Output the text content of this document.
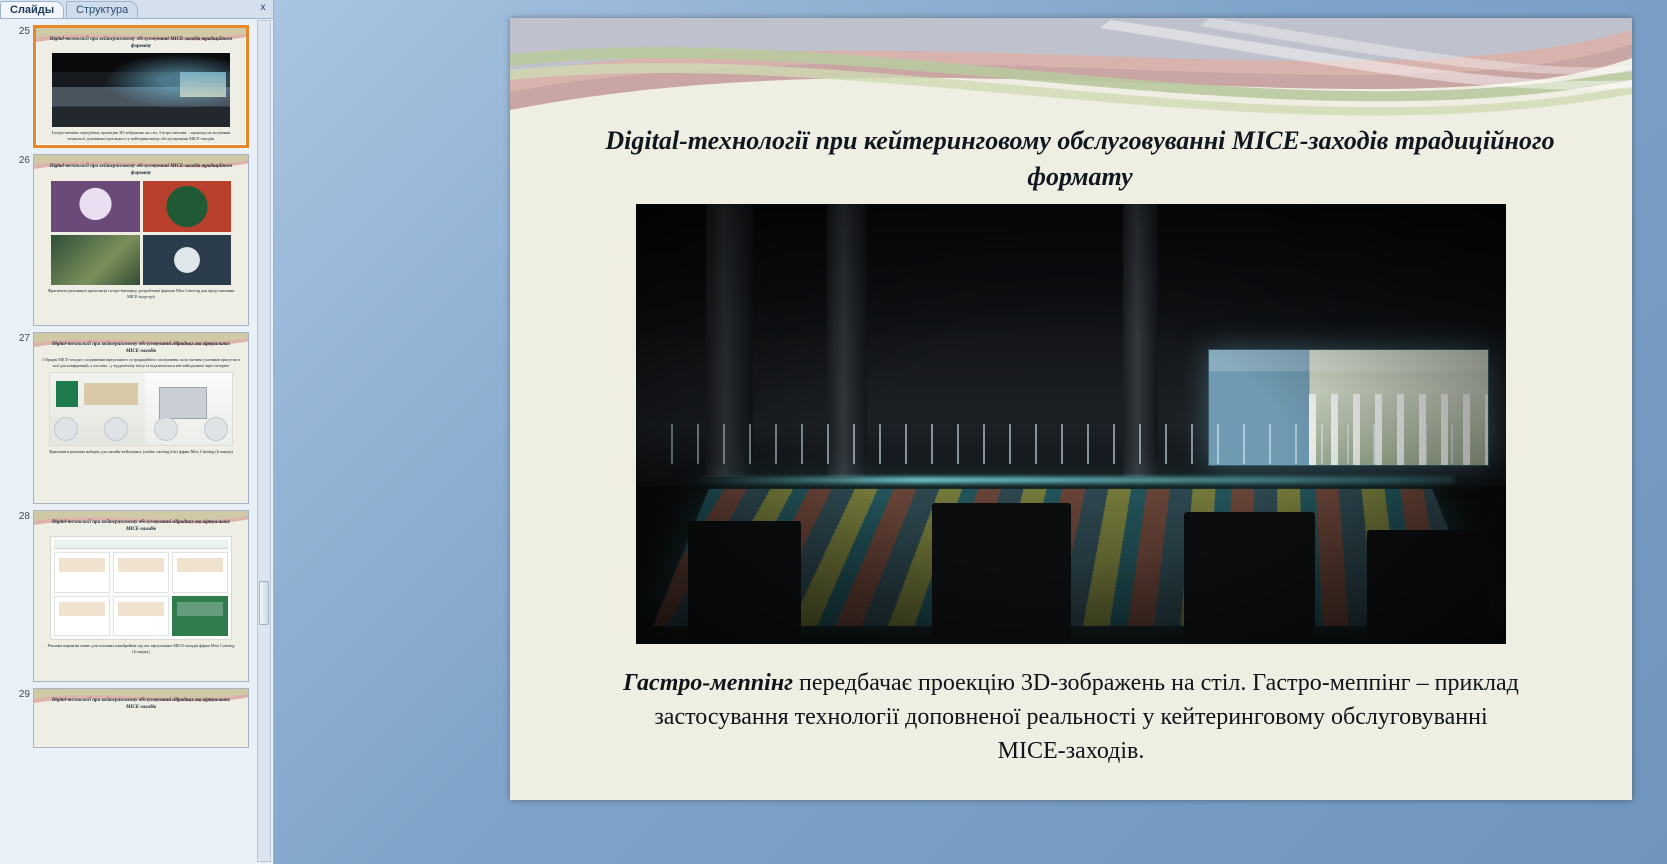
Слайды	Структура	x
25
Digital-технології при кейтеринговому обслуговуванні MICE-заходів традиційного формату
Гастро-меппінг передбачає проекцію 3D-зображень на стіл. Гастро-меппінг – приклад застосування технології доповненої реальності у кейтеринговому обслуговуванні MICE-заходів.
26
Digital-технології при кейтеринговому обслуговуванні MICE-заходів традиційного формату
Фрагменти рекламної пропозиції гастро-меппінгу, розробленої фірмою Miss Catering для представлення MICE-індустрії
27
Digital-технології при кейтеринговому обслуговуванні гібридних та віртуальних MICE-заходів
Гібридні MICE-заходи є поєднанням віртуального та традиційного спілкування, коли частина учасників присутня в залі для конференцій, а частина – у віддаленому місці та підключається він-лайн режимі через інтернет
Фрагменти реклами наборів для онлайн-кейтерингу (online catering kits) фірми Miss Catering (Ісландія)
28
Digital-технології при кейтеринговому обслуговуванні гібридних та віртуальних MICE-заходів
Реклама варіантів меню для спільних кавабрейків під час віртуальних MICE-заходів фірми Miss Catering (Ісландія)
29
Digital-технології при кейтеринговому обслуговуванні гібридних та віртуальних MICE-заходів
Digital-технології при кейтеринговому обслуговуванні MICE-заходів традиційного формату
Гастро-меппінг передбачає проекцію 3D-зображень на стіл. Гастро-меппінг – приклад застосування технології доповненої реальності у кейтеринговому обслуговуванні MICE-заходів.
